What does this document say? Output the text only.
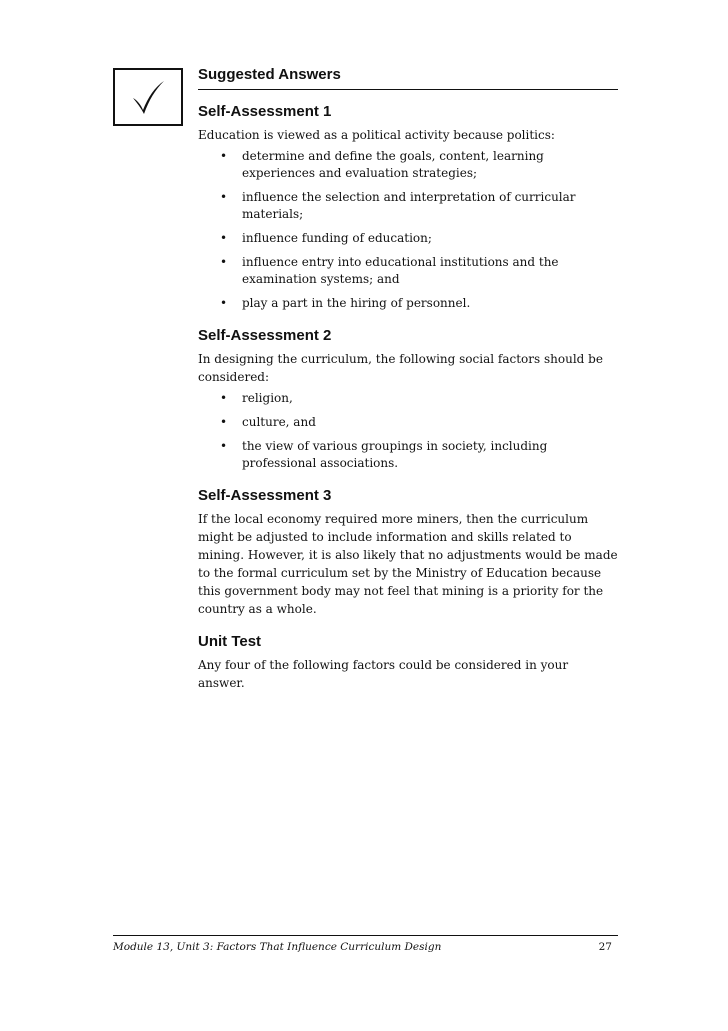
Suggested Answers
Self-Assessment 1

Education is viewed as a political activity because politics:

• determine and define the goals, content, learning experiences and evaluation strategies;
• influence the selection and interpretation of curricular materials;
• influence funding of education;
• influence entry into educational institutions and the examination systems; and
• play a part in the hiring of personnel.
Self-Assessment 2

In designing the curriculum, the following social factors should be considered:

• religion,
• culture, and
• the view of various groupings in society, including professional associations.
Self-Assessment 3

If the local economy required more miners, then the curriculum might be adjusted to include information and skills related to mining. However, it is also likely that no adjustments would be made to the formal curriculum set by the Ministry of Education because this government body may not feel that mining is a priority for the country as a whole.

Unit Test

Any four of the following factors could be considered in your answer.

Module 13, Unit 3: Factors That Influence Curriculum Design	27
